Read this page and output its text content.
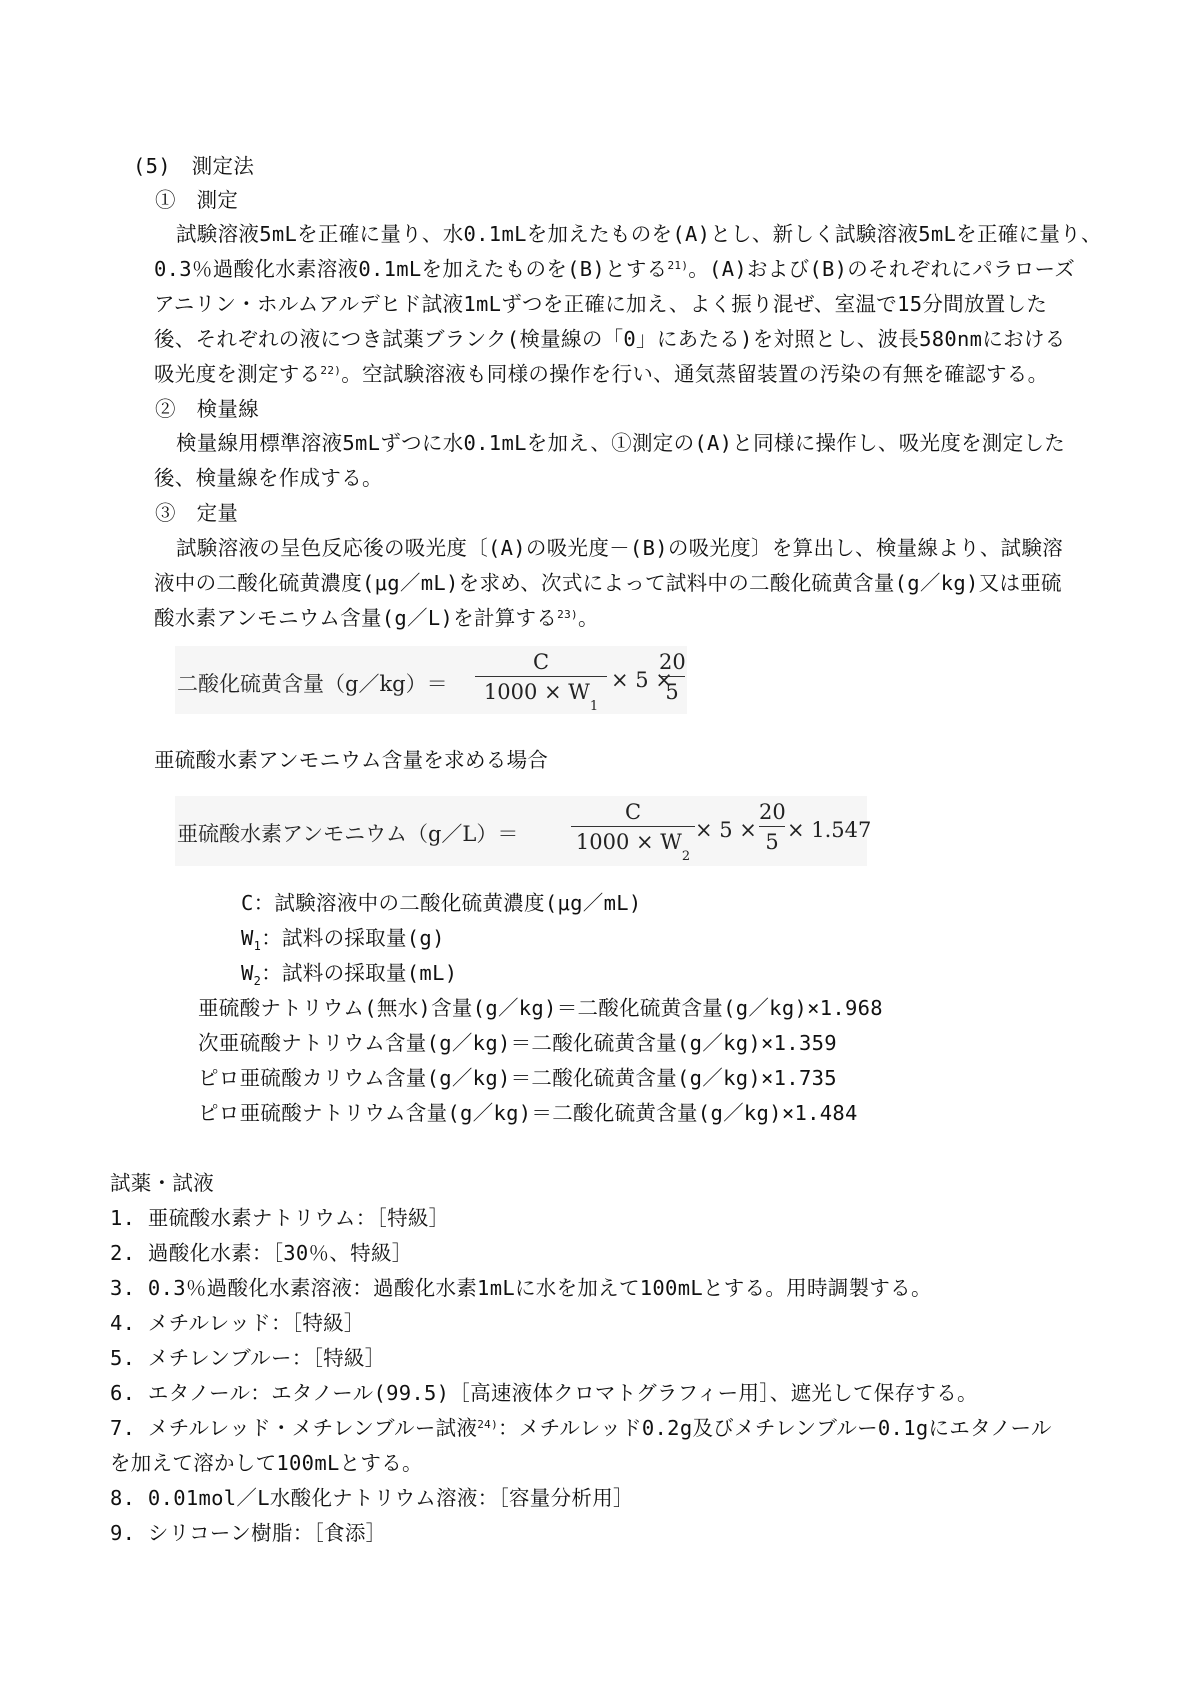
(5)　測定法
①　測定
試験溶液5mLを正確に量り、水0.1mLを加えたものを(A)とし、新しく試験溶液5mLを正確に量り、
0.3％過酸化水素溶液0.1mLを加えたものを(B)とする$^{21)}$。(A)および(B)のそれぞれにパラローズ
アニリン・ホルムアルデヒド試液1mLずつを正確に加え、よく振り混ぜ、室温で15分間放置した
後、それぞれの液につき試薬ブランク(検量線の「0」にあたる)を対照とし、波長580nmにおける
吸光度を測定する$^{22)}$。空試験溶液も同様の操作を行い、通気蒸留装置の汚染の有無を確認する。
②　検量線
検量線用標準溶液5mLずつに水0.1mLを加え、①測定の(A)と同様に操作し、吸光度を測定した
後、検量線を作成する。
③　定量
試験溶液の呈色反応後の吸光度〔(A)の吸光度－(B)の吸光度〕を算出し、検量線より、試験溶
液中の二酸化硫黄濃度(μg／mL)を求め、次式によって試料中の二酸化硫黄含量(g／kg)又は亜硫
酸水素アンモニウム含量(g／L)を計算する$^{23)}$。
二酸化硫黄含量（g／kg）＝
C
$1000 \times W_1$
× 5 ×
20
5
亜硫酸水素アンモニウム含量を求める場合
亜硫酸水素アンモニウム（g／L）＝
C
$1000 \times W_2$
× 5 ×
20
5 × 1.547
C：試験溶液中の二酸化硫黄濃度(μg／mL)
$W_1$：試料の採取量(g)
$W_2$：試料の採取量(mL)
亜硫酸ナトリウム(無水)含量(g／kg)＝二酸化硫黄含量(g／kg)×1.968
次亜硫酸ナトリウム含量(g／kg)＝二酸化硫黄含量(g／kg)×1.359
ピロ亜硫酸カリウム含量(g／kg)＝二酸化硫黄含量(g／kg)×1.735
ピロ亜硫酸ナトリウム含量(g／kg)＝二酸化硫黄含量(g／kg)×1.484
試薬・試液
1. 亜硫酸水素ナトリウム：［特級］
2. 過酸化水素：［30％、特級］
3. 0.3％過酸化水素溶液：過酸化水素1mLに水を加えて100mLとする。用時調製する。
4. メチルレッド：［特級］
5. メチレンブルー：［特級］
6. エタノール：エタノール(99.5)［高速液体クロマトグラフィー用］、遮光して保存する。
7. メチルレッド・メチレンブルー試液$^{24)}$：メチルレッド0.2g及びメチレンブルー0.1gにエタノール
を加えて溶かして100mLとする。
8. 0.01mol／L水酸化ナトリウム溶液：［容量分析用］
9. シリコーン樹脂：［食添］
